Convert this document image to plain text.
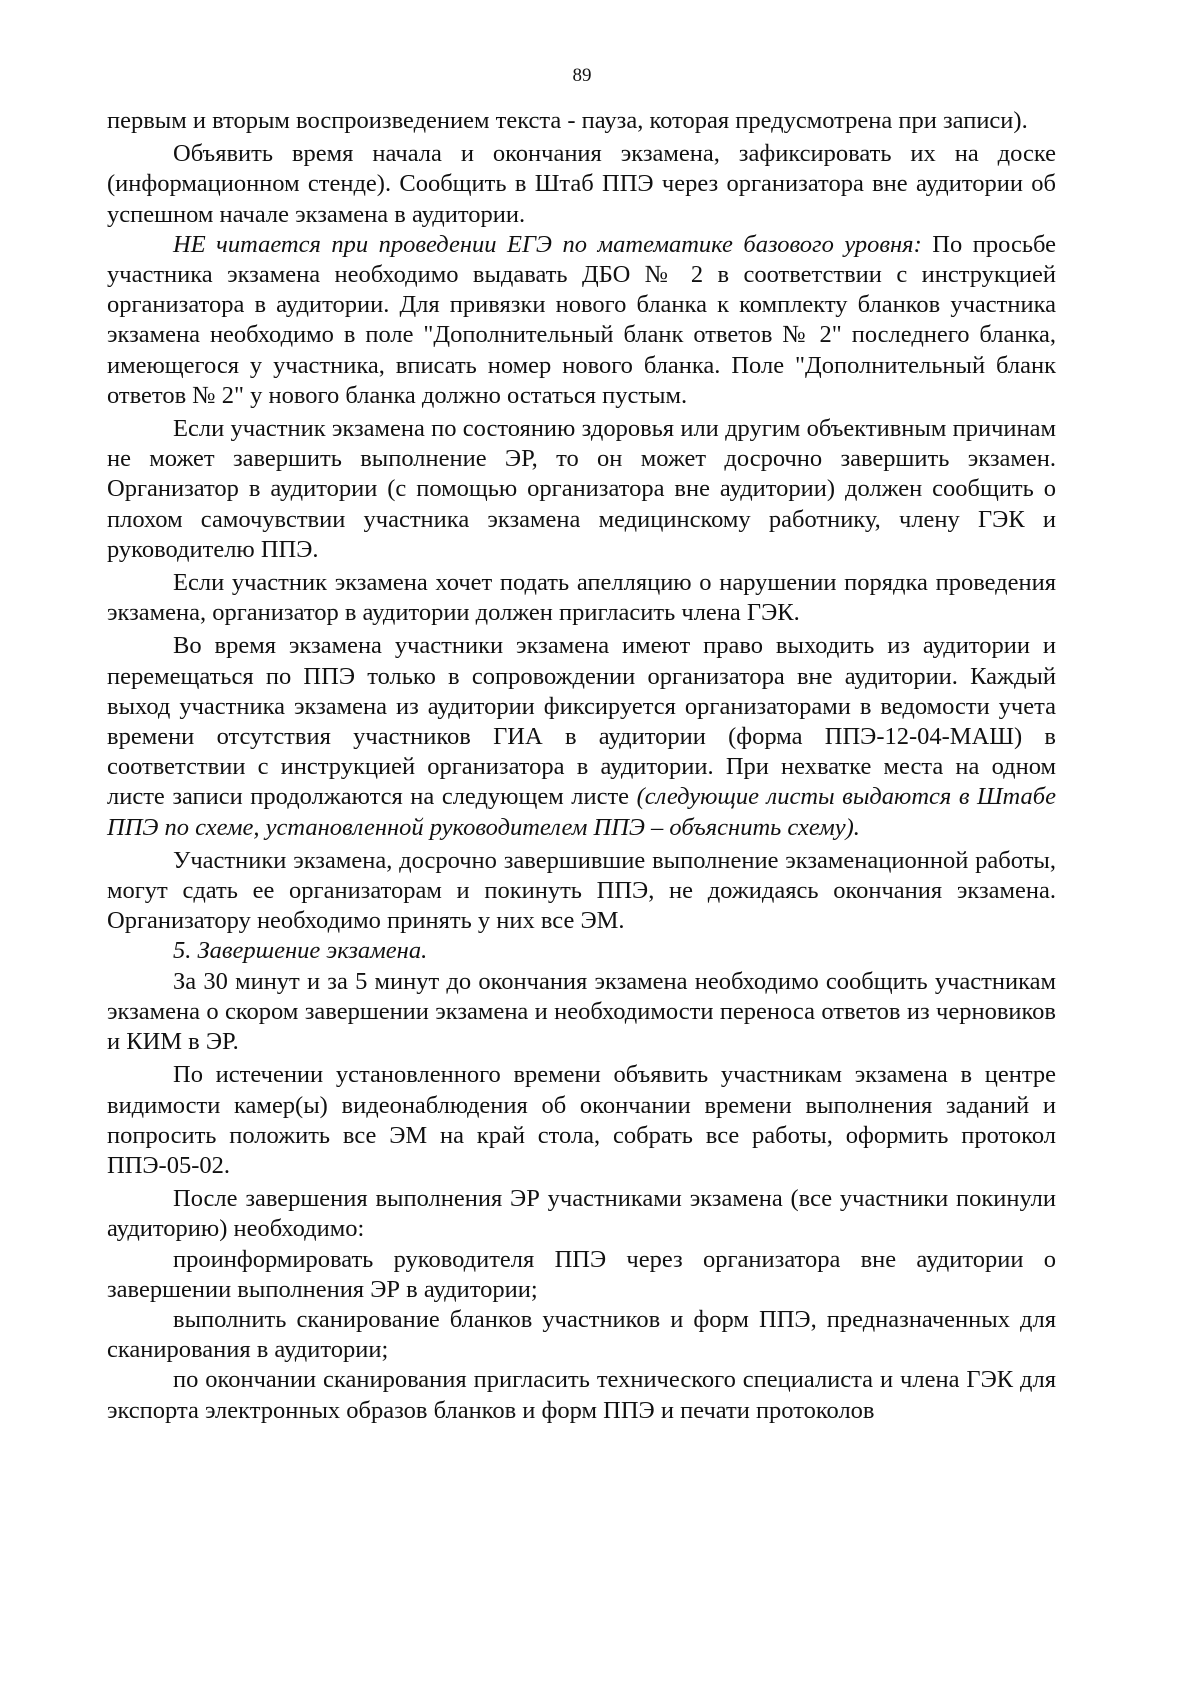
89

первым и вторым воспроизведением текста - пауза, которая предусмотрена при записи).

Объявить время начала и окончания экзамена, зафиксировать их на доске (информационном стенде). Сообщить в Штаб ППЭ через организатора вне аудитории об успешном начале экзамена в аудитории.

НЕ читается при проведении ЕГЭ по математике базового уровня: По просьбе участника экзамена необходимо выдавать ДБО № 2 в соответствии с инструкцией организатора в аудитории. Для привязки нового бланка к комплекту бланков участника экзамена необходимо в поле "Дополнительный бланк ответов № 2" последнего бланка, имеющегося у участника, вписать номер нового бланка. Поле "Дополнительный бланк ответов № 2" у нового бланка должно остаться пустым.

Если участник экзамена по состоянию здоровья или другим объективным причинам не может завершить выполнение ЭР, то он может досрочно завершить экзамен. Организатор в аудитории (с помощью организатора вне аудитории) должен сообщить о плохом самочувствии участника экзамена медицинскому работнику, члену ГЭК и руководителю ППЭ.

Если участник экзамена хочет подать апелляцию о нарушении порядка проведения экзамена, организатор в аудитории должен пригласить члена ГЭК.

Во время экзамена участники экзамена имеют право выходить из аудитории и перемещаться по ППЭ только в сопровождении организатора вне аудитории. Каждый выход участника экзамена из аудитории фиксируется организаторами в ведомости учета времени отсутствия участников ГИА в аудитории (форма ППЭ-12-04-МАШ) в соответствии с инструкцией организатора в аудитории. При нехватке места на одном листе записи продолжаются на следующем листе (следующие листы выдаются в Штабе ППЭ по схеме, установленной руководителем ППЭ – объяснить схему).

Участники экзамена, досрочно завершившие выполнение экзаменационной работы, могут сдать ее организаторам и покинуть ППЭ, не дожидаясь окончания экзамена. Организатору необходимо принять у них все ЭМ.

5. Завершение экзамена.

За 30 минут и за 5 минут до окончания экзамена необходимо сообщить участникам экзамена о скором завершении экзамена и необходимости переноса ответов из черновиков и КИМ в ЭР.

По истечении установленного времени объявить участникам экзамена в центре видимости камер(ы) видеонаблюдения об окончании времени выполнения заданий и попросить положить все ЭМ на край стола, собрать все работы, оформить протокол ППЭ-05-02.

После завершения выполнения ЭР участниками экзамена (все участники покинули аудиторию) необходимо:

проинформировать руководителя ППЭ через организатора вне аудитории о завершении выполнения ЭР в аудитории;

выполнить сканирование бланков участников и форм ППЭ, предназначенных для сканирования в аудитории;

по окончании сканирования пригласить технического специалиста и члена ГЭК для экспорта электронных образов бланков и форм ППЭ и печати протоколов
